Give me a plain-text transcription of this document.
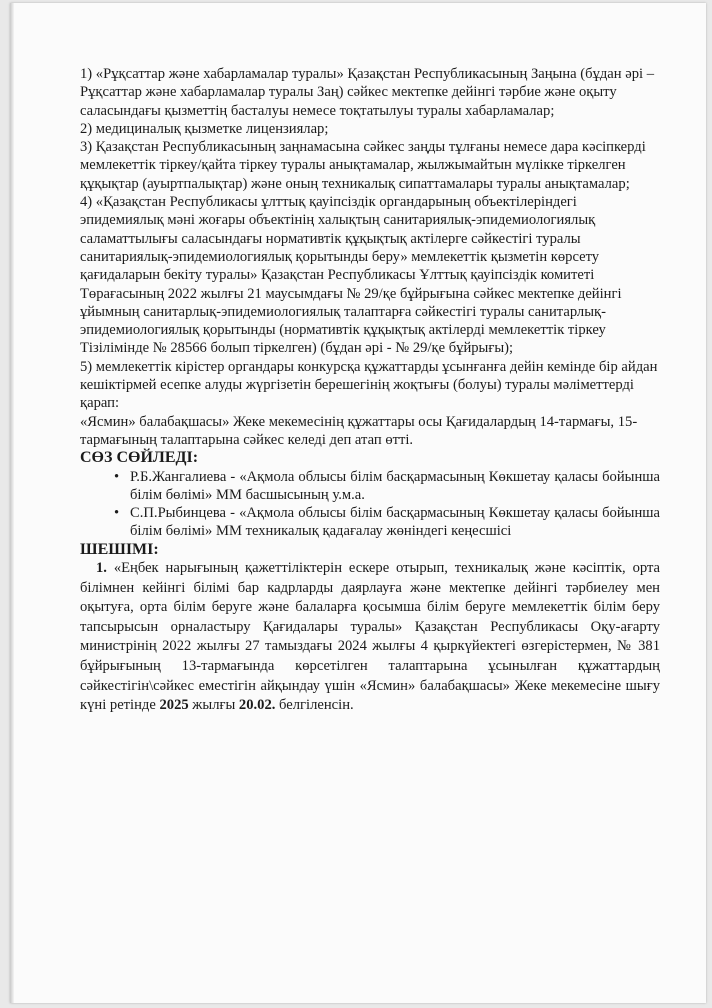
1) «Рұқсаттар және хабарламалар туралы» Қазақстан Республикасының Заңына (бұдан әрі – Рұқсаттар және хабарламалар туралы Заң) сәйкес мектепке дейінгі тәрбие және оқыту саласындағы қызметтің басталуы немесе тоқтатылуы туралы хабарламалар;

2) медициналық қызметке лицензиялар;

3) Қазақстан Республикасының заңнамасына сәйкес заңды тұлғаны немесе дара кәсіпкерді мемлекеттік тіркеу/қайта тіркеу туралы анықтамалар, жылжымайтын мүлікке тіркелген құқықтар (ауыртпалықтар) және оның техникалық сипаттамалары туралы анықтамалар;

4) «Қазақстан Республикасы ұлттық қауіпсіздік органдарының объектілеріндегі эпидемиялық мәні жоғары объектінің халықтың санитариялық-эпидемиологиялық саламаттылығы саласындағы нормативтік құқықтық актілерге сәйкестігі туралы санитариялық-эпидемиологиялық қорытынды беру» мемлекеттік қызметін көрсету қағидаларын бекіту туралы» Қазақстан Республикасы Ұлттық қауіпсіздік комитеті Төрағасының 2022 жылғы 21 маусымдағы № 29/қе бұйрығына сәйкес мектепке дейінгі ұйымның санитарлық-эпидемиологиялық талаптарға сәйкестігі туралы санитарлық-эпидемиологиялық қорытынды (нормативтік құқықтық актілерді мемлекеттік тіркеу Тізілімінде № 28566 болып тіркелген) (бұдан әрі - № 29/қе бұйрығы);

5) мемлекеттік кірістер органдары конкурсқа құжаттарды ұсынғанға дейін кемінде бір айдан кешіктірмей есепке алуды жүргізетін берешегінің жоқтығы (болуы) туралы мәліметтерді қарап:

«Ясмин» балабақшасы» Жеке мекемесінің құжаттары осы Қағидалардың 14-тармағы, 15-тармағының талаптарына сәйкес келеді деп атап өтті.

СӨЗ СӨЙЛЕДІ:

• Р.Б.Жангалиева - «Ақмола облысы білім басқармасының Көкшетау қаласы бойынша білім бөлімі» ММ басшысының у.м.а.
• С.П.Рыбинцева - «Ақмола облысы білім басқармасының Көкшетау қаласы бойынша білім бөлімі» ММ техникалық қадағалау жөніндегі кеңесшісі

ШЕШІМІ:

1. «Еңбек нарығының қажеттіліктерін ескере отырып, техникалық және кәсіптік, орта білімнен кейінгі білімі бар кадрларды даярлауға және мектепке дейінгі тәрбиелеу мен оқытуға, орта білім беруге және балаларға қосымша білім беруге мемлекеттік білім беру тапсырысын орналастыру Қағидалары туралы» Қазақстан Республикасы Оқу-ағарту министрінің 2022 жылғы 27 тамыздағы 2024 жылғы 4 қыркүйектегі өзгерістермен, № 381 бұйрығының 13-тармағында көрсетілген талаптарына ұсынылған құжаттардың сәйкестігін\сәйкес еместігін айқындау үшін «Ясмин» балабақшасы» Жеке мекемесіне шығу күні ретінде 2025 жылғы 20.02. белгіленсін.
